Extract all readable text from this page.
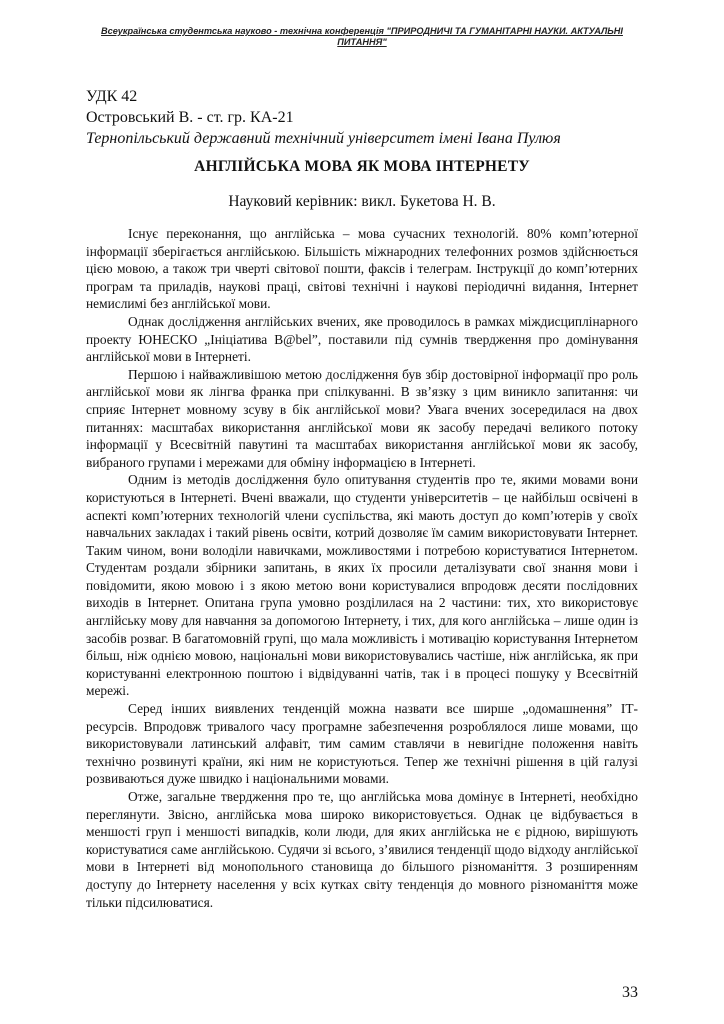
Всеукраїнська студентська науково - технічна конференція "ПРИРОДНИЧІ ТА ГУМАНІТАРНІ НАУКИ. АКТУАЛЬНІ ПИТАННЯ"
УДК 42
Островський В. - ст. гр. КА-21
Тернопільський державний технічний університет імені Івана Пулюя
АНГЛІЙСЬКА МОВА ЯК МОВА ІНТЕРНЕТУ
Науковий керівник: викл. Букетова Н. В.

Існує переконання, що англійська – мова сучасних технологій. 80% комп’ютерної інформації зберігається англійською. Більшість міжнародних телефонних розмов здійснюється цією мовою, а також три чверті світової пошти, факсів і телеграм. Інструкції до комп’ютерних програм та приладів, наукові праці, світові технічні і наукові періодичні видання, Інтернет немислимі без англійської мови.

Однак дослідження англійських вчених, яке проводилось в рамках міждисциплінарного проекту ЮНЕСКО „Ініціатива B@bel”, поставили під сумнів твердження про домінування англійської мови в Інтернеті.

Першою і найважливішою метою дослідження був збір достовірної інформації про роль англійської мови як лінгва франка при спілкуванні. В зв’язку з цим виникло запитання: чи сприяє Інтернет мовному зсуву в бік англійської мови? Увага вчених зосередилася на двох питаннях: масштабах використання англійської мови як засобу передачі великого потоку інформації у Всесвітній павутині та масштабах використання англійської мови як засобу, вибраного групами і мережами для обміну інформацією в Інтернеті.

Одним із методів дослідження було опитування студентів про те, якими мовами вони користуються в Інтернеті. Вчені вважали, що студенти університетів – це найбільш освічені в аспекті комп’ютерних технологій члени суспільства, які мають доступ до комп’ютерів у своїх навчальних закладах і такий рівень освіти, котрий дозволяє їм самим використовувати Інтернет. Таким чином, вони володіли навичками, можливостями і потребою користуватися Інтернетом. Студентам роздали збірники запитань, в яких їх просили деталізувати свої знання мови і повідомити, якою мовою і з якою метою вони користувалися впродовж десяти послідовних виходів в Інтернет. Опитана група умовно розділилася на 2 частини: тих, хто використовує англійську мову для навчання за допомогою Інтернету, і тих, для кого англійська – лише один із засобів розваг. В багатомовній групі, що мала можливість і мотивацію користування Інтернетом більш, ніж однією мовою, національні мови використовувались частіше, ніж англійська, як при користуванні електронною поштою і відвідуванні чатів, так і в процесі пошуку у Всесвітній мережі.

Серед інших виявлених тенденцій можна назвати все ширше „одомашнення” ІТ-ресурсів. Впродовж тривалого часу програмне забезпечення розроблялося лише мовами, що використовували латинський алфавіт, тим самим ставлячи в невигідне положення навіть технічно розвинуті країни, які ним не користуються. Тепер же технічні рішення в цій галузі розвиваються дуже швидко і національними мовами.

Отже, загальне твердження про те, що англійська мова домінує в Інтернеті, необхідно переглянути. Звісно, англійська мова широко використовується. Однак це відбувається в меншості груп і меншості випадків, коли люди, для яких англійська не є рідною, вирішують користуватися саме англійською. Судячи зі всього, з’явилися тенденції щодо відходу англійської мови в Інтернеті від монопольного становища до більшого різноманіття. З розширенням доступу до Інтернету населення у всіх кутках світу тенденція до мовного різноманіття може тільки підсилюватися.

33
